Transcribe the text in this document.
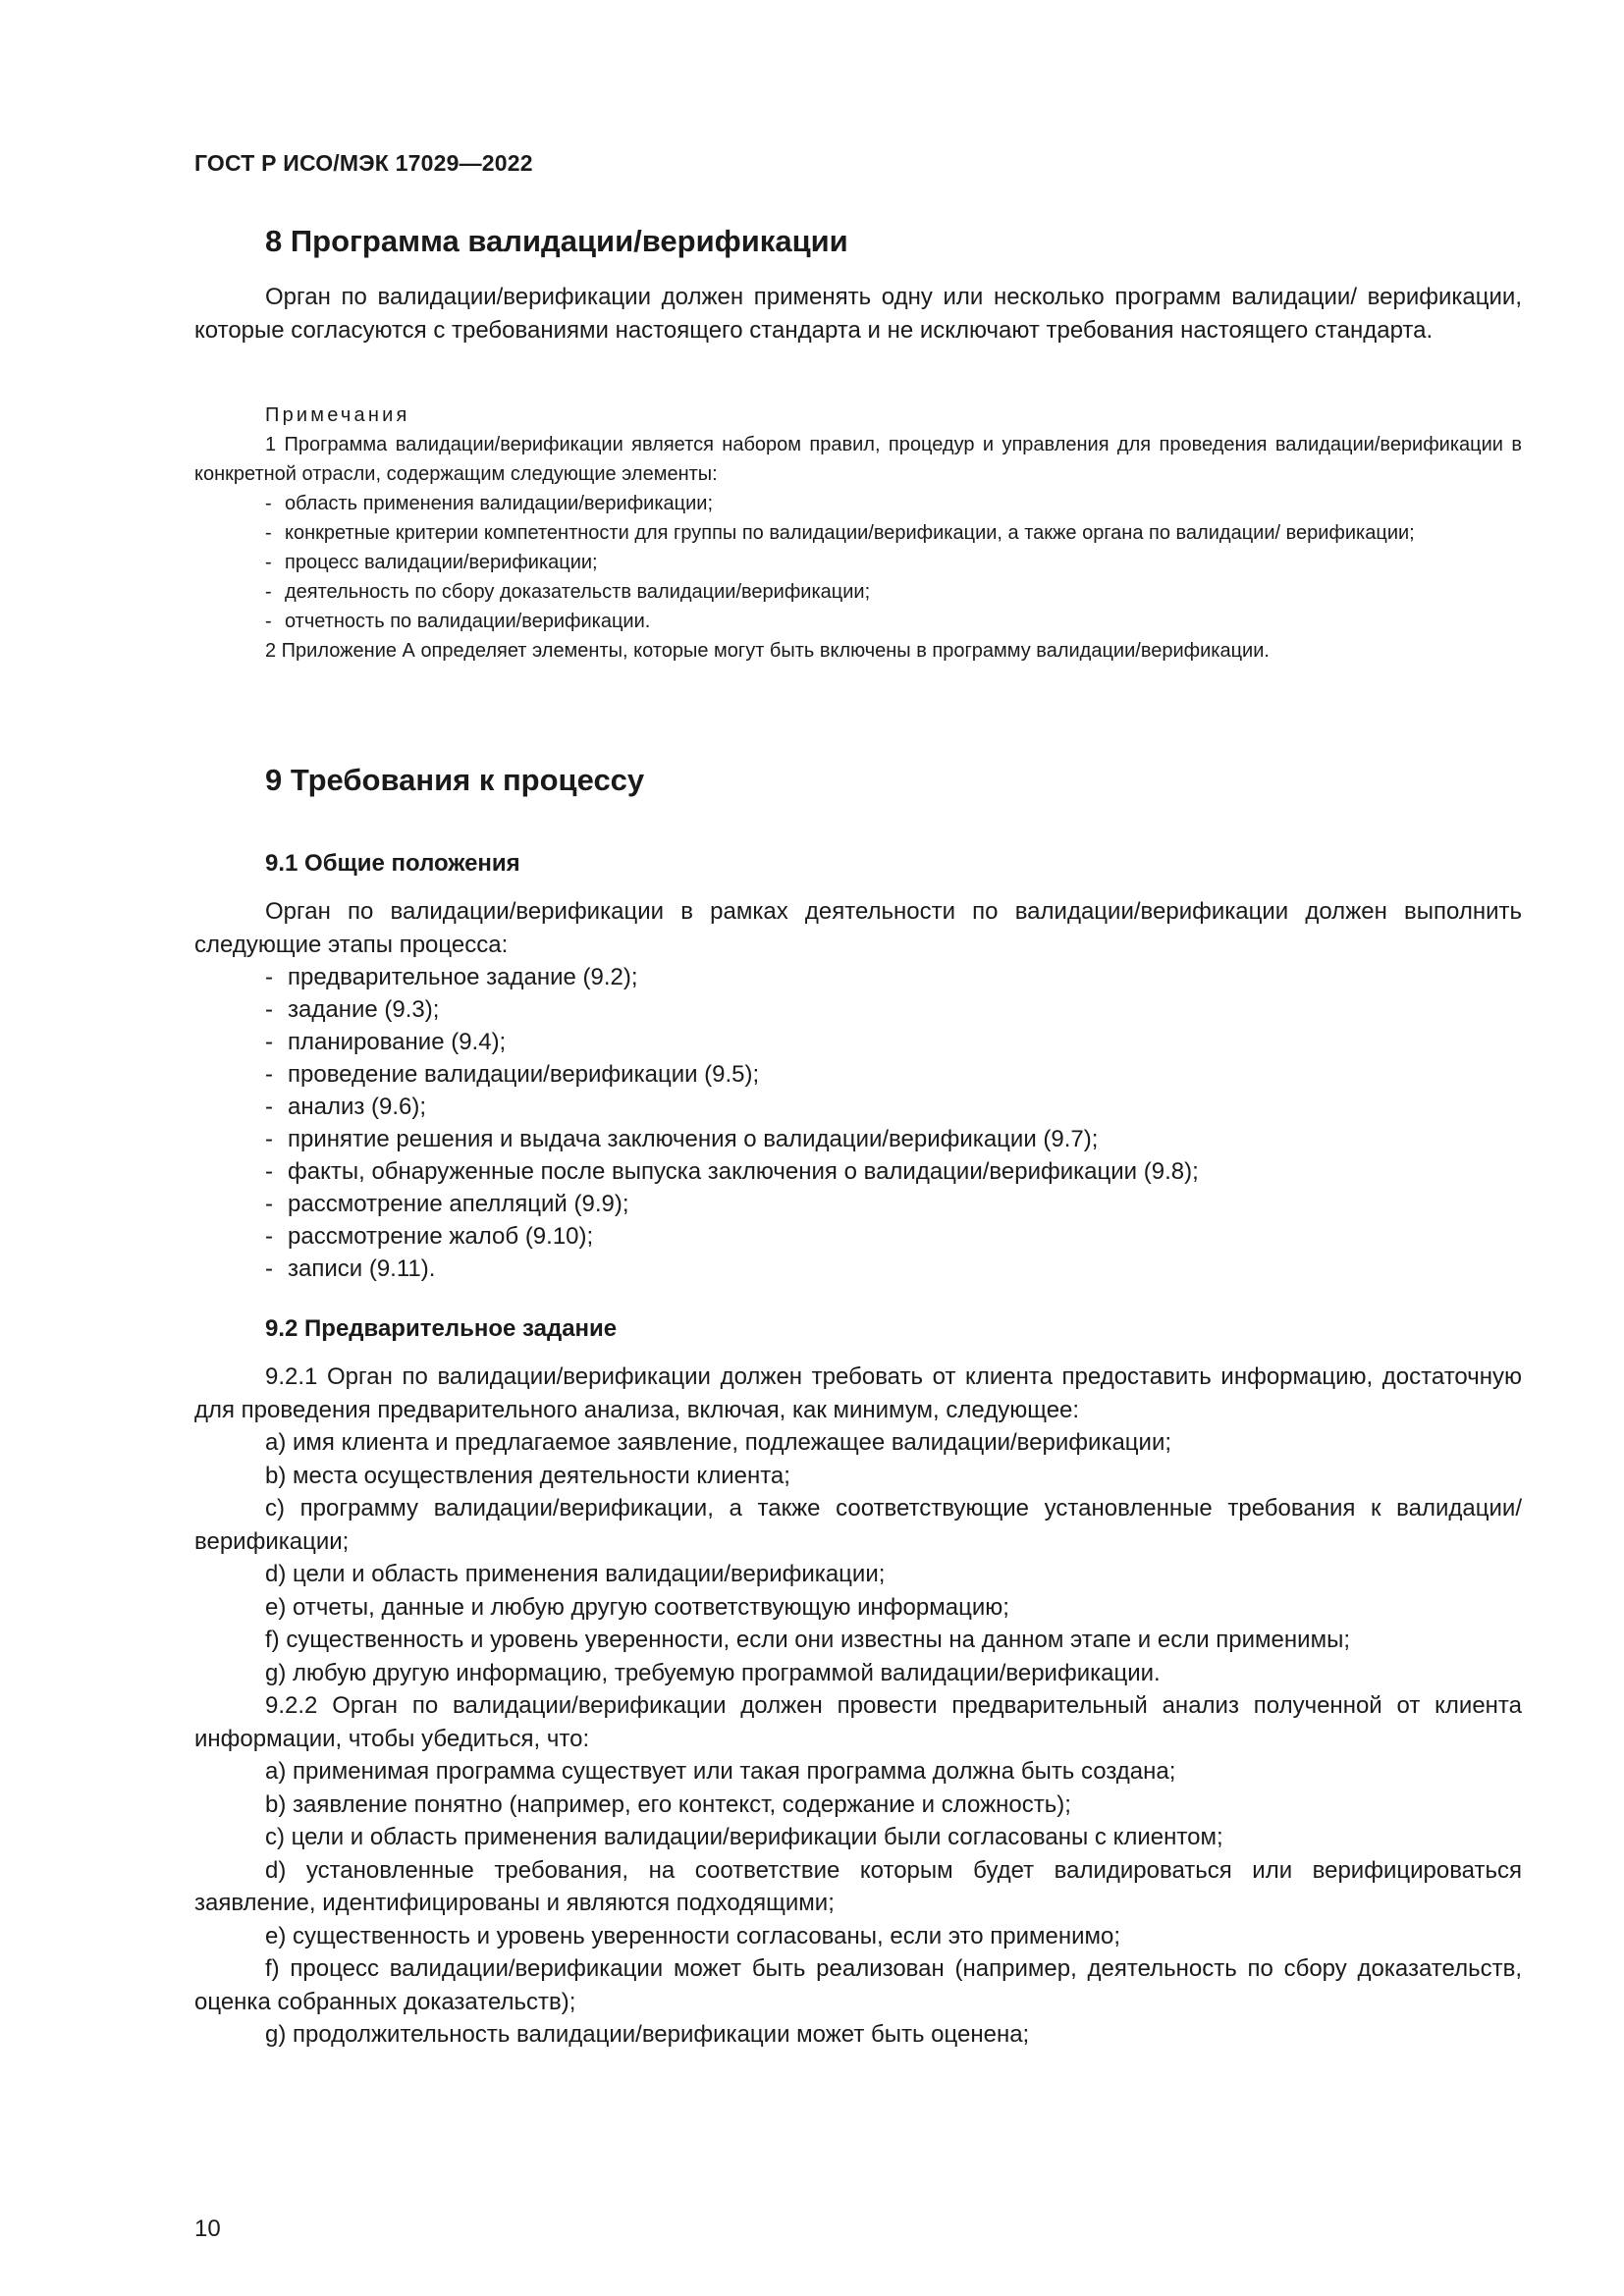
ГОСТ Р ИСО/МЭК 17029—2022
8 Программа валидации/верификации

Орган по валидации/верификации должен применять одну или несколько программ валидации/ верификации, которые согласуются с требованиями настоящего стандарта и не исключают требования настоящего стандарта.

Примечания

1 Программа валидации/верификации является набором правил, процедур и управления для проведения валидации/верификации в конкретной отрасли, содержащим следующие элементы:

- область применения валидации/верификации;

- конкретные критерии компетентности для группы по валидации/верификации, а также органа по валидации/ верификации;

- процесс валидации/верификации;
- деятельность по сбору доказательств валидации/верификации;
- отчетность по валидации/верификации.

2 Приложение А определяет элементы, которые могут быть включены в программу валидации/верификации.

9 Требования к процессу
9.1 Общие положения

Орган по валидации/верификации в рамках деятельности по валидации/верификации должен выполнить следующие этапы процесса:

- предварительное задание (9.2);
- задание (9.3);
- планирование (9.4);
- проведение валидации/верификации (9.5);
- анализ (9.6);
- принятие решения и выдача заключения о валидации/верификации (9.7);
- факты, обнаруженные после выпуска заключения о валидации/верификации (9.8);
- рассмотрение апелляций (9.9);
- рассмотрение жалоб (9.10);
- записи (9.11).
9.2 Предварительное задание

9.2.1 Орган по валидации/верификации должен требовать от клиента предоставить информацию, достаточную для проведения предварительного анализа, включая, как минимум, следующее:

a) имя клиента и предлагаемое заявление, подлежащее валидации/верификации;

b) места осуществления деятельности клиента;

c) программу валидации/верификации, а также соответствующие установленные требования к валидации/верификации;

d) цели и область применения валидации/верификации;

e) отчеты, данные и любую другую соответствующую информацию;

f) существенность и уровень уверенности, если они известны на данном этапе и если применимы;

g) любую другую информацию, требуемую программой валидации/верификации.

9.2.2 Орган по валидации/верификации должен провести предварительный анализ полученной от клиента информации, чтобы убедиться, что:

a) применимая программа существует или такая программа должна быть создана;

b) заявление понятно (например, его контекст, содержание и сложность);

c) цели и область применения валидации/верификации были согласованы с клиентом;

d) установленные требования, на соответствие которым будет валидироваться или верифицироваться заявление, идентифицированы и являются подходящими;

e) существенность и уровень уверенности согласованы, если это применимо;

f) процесс валидации/верификации может быть реализован (например, деятельность по сбору доказательств, оценка собранных доказательств);

g) продолжительность валидации/верификации может быть оценена;

10
